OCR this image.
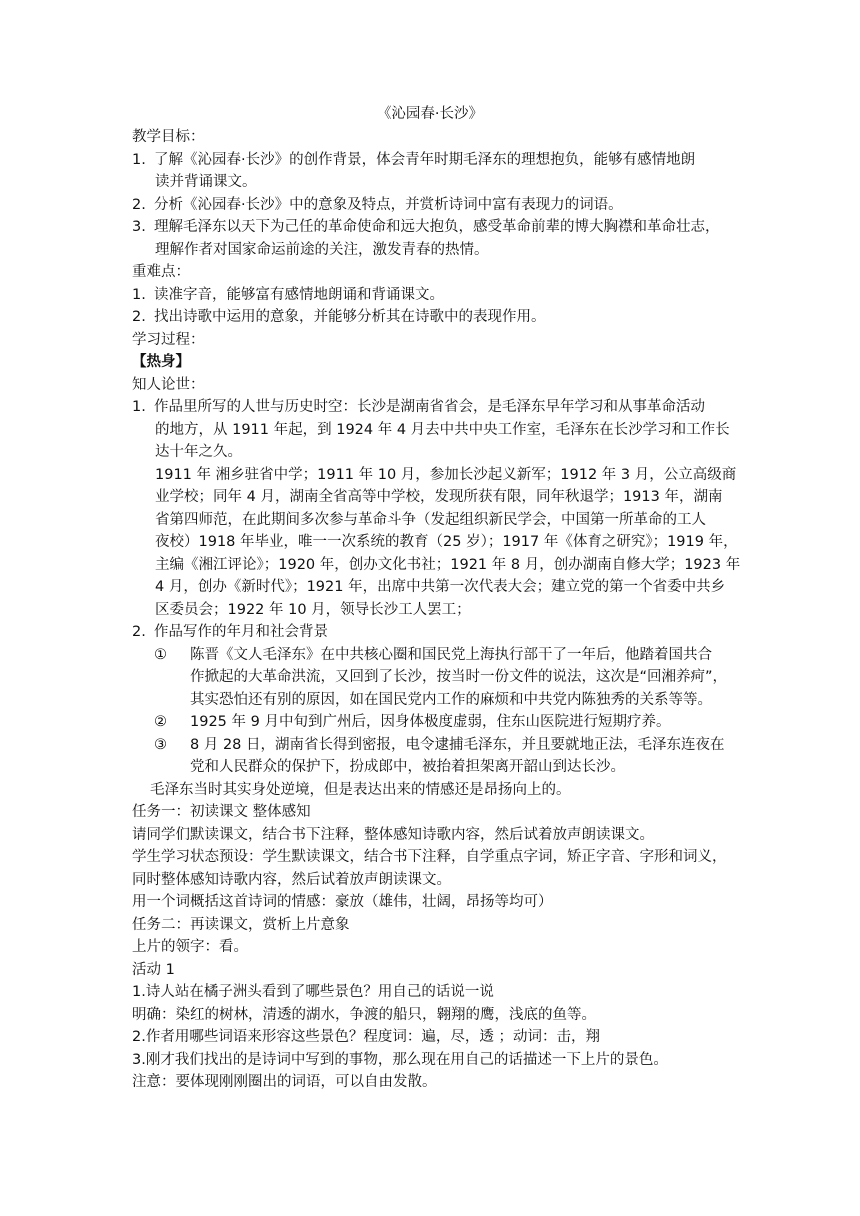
《沁园春·长沙》
教学目标：
1. 了解《沁园春·长沙》的创作背景，体会青年时期毛泽东的理想抱负，能够有感情地朗
读并背诵课文。
2. 分析《沁园春·长沙》中的意象及特点，并赏析诗词中富有表现力的词语。
3. 理解毛泽东以天下为己任的革命使命和远大抱负，感受革命前辈的博大胸襟和革命壮志，
理解作者对国家命运前途的关注，激发青春的热情。
重难点：
1. 读准字音，能够富有感情地朗诵和背诵课文。
2. 找出诗歌中运用的意象，并能够分析其在诗歌中的表现作用。
学习过程：
【热身】
知人论世：
1. 作品里所写的人世与历史时空：长沙是湖南省省会，是毛泽东早年学习和从事革命活动
的地方，从 1911 年起，到 1924 年 4 月去中共中央工作室，毛泽东在长沙学习和工作长
达十年之久。
1911 年 湘乡驻省中学；1911 年 10 月，参加长沙起义新军；1912 年 3 月，公立高级商
业学校；同年 4 月，湖南全省高等中学校，发现所获有限，同年秋退学；1913 年，湖南
省第四师范，在此期间多次参与革命斗争（发起组织新民学会，中国第一所革命的工人
夜校）1918 年毕业，唯一一次系统的教育（25 岁）；1917 年《体育之研究》；1919 年，
主编《湘江评论》；1920 年，创办文化书社；1921 年 8 月，创办湖南自修大学；1923 年
4 月，创办《新时代》；1921 年，出席中共第一次代表大会；建立党的第一个省委中共乡
区委员会；1922 年 10 月，领导长沙工人罢工；
2. 作品写作的年月和社会背景
① 陈晋《文人毛泽东》在中共核心圈和国民党上海执行部干了一年后，他踏着国共合
作掀起的大革命洪流，又回到了长沙，按当时一份文件的说法，这次是“回湘养疴”，
其实恐怕还有别的原因，如在国民党内工作的麻烦和中共党内陈独秀的关系等等。
② 1925 年 9 月中旬到广州后，因身体极度虚弱，住东山医院进行短期疗养。
③ 8 月 28 日，湖南省长得到密报，电令逮捕毛泽东，并且要就地正法，毛泽东连夜在
党和人民群众的保护下，扮成郎中，被抬着担架离开韶山到达长沙。
毛泽东当时其实身处逆境，但是表达出来的情感还是昂扬向上的。
任务一：初读课文 整体感知
请同学们默读课文，结合书下注释，整体感知诗歌内容，然后试着放声朗读课文。
学生学习状态预设：学生默读课文，结合书下注释，自学重点字词，矫正字音、字形和词义，
同时整体感知诗歌内容，然后试着放声朗读课文。
用一个词概括这首诗词的情感：豪放（雄伟，壮阔，昂扬等均可）
任务二：再读课文，赏析上片意象
上片的领字：看。
活动 1
1.诗人站在橘子洲头看到了哪些景色？用自己的话说一说
明确：染红的树林，清透的湖水，争渡的船只，翱翔的鹰，浅底的鱼等。
2.作者用哪些词语来形容这些景色？程度词：遍，尽，透 ；动词：击，翔
3.刚才我们找出的是诗词中写到的事物，那么现在用自己的话描述一下上片的景色。
注意：要体现刚刚圈出的词语，可以自由发散。
